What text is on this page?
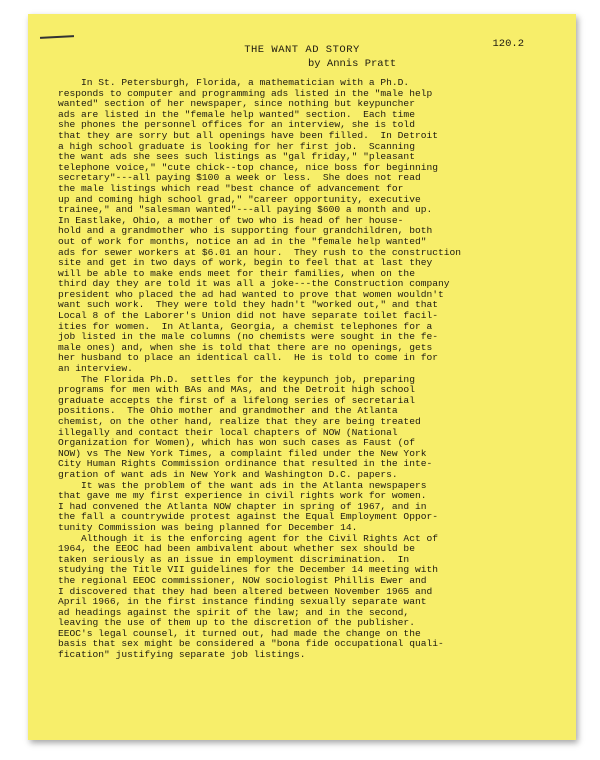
THE WANT AD STORY	120.2
by Annis Pratt
In St. Petersburgh, Florida, a mathematician with a Ph.D.
responds to computer and programming ads listed in the "male help
wanted" section of her newspaper, since nothing but keypuncher
ads are listed in the "female help wanted" section.  Each time
she phones the personnel offices for an interview, she is told
that they are sorry but all openings have been filled.  In Detroit
a high school graduate is looking for her first job.  Scanning
the want ads she sees such listings as "gal friday," "pleasant
telephone voice," "cute chick--top chance, nice boss for beginning
secretary"---all paying $100 a week or less.  She does not read
the male listings which read "best chance of advancement for
up and coming high school grad," "career opportunity, executive
trainee," and "salesman wanted"---all paying $600 a month and up.
In Eastlake, Ohio, a mother of two who is head of her house-
hold and a grandmother who is supporting four grandchildren, both
out of work for months, notice an ad in the "female help wanted"
ads for sewer workers at $6.01 an hour.  They rush to the construction
site and get in two days of work, begin to feel that at last they
will be able to make ends meet for their families, when on the
third day they are told it was all a joke---the Construction company
president who placed the ad had wanted to prove that women wouldn't
want such work.  They were told they hadn't "worked out," and that
Local 8 of the Laborer's Union did not have separate toilet facil-
ities for women.  In Atlanta, Georgia, a chemist telephones for a
job listed in the male columns (no chemists were sought in the fe-
male ones) and, when she is told that there are no openings, gets
her husband to place an identical call.  He is told to come in for
an interview.
The Florida Ph.D.  settles for the keypunch job, preparing
programs for men with BAs and MAs, and the Detroit high school
graduate accepts the first of a lifelong series of secretarial
positions.  The Ohio mother and grandmother and the Atlanta
chemist, on the other hand, realize that they are being treated
illegally and contact their local chapters of NOW (National
Organization for Women), which has won such cases as Faust (of
NOW) vs The New York Times, a complaint filed under the New York
City Human Rights Commission ordinance that resulted in the inte-
gration of want ads in New York and Washington D.C. papers.
It was the problem of the want ads in the Atlanta newspapers
that gave me my first experience in civil rights work for women.
I had convened the Atlanta NOW chapter in spring of 1967, and in
the fall a countrywide protest against the Equal Employment Oppor-
tunity Commission was being planned for December 14.
Although it is the enforcing agent for the Civil Rights Act of
1964, the EEOC had been ambivalent about whether sex should be
taken seriously as an issue in employment discrimination.  In
studying the Title VII guidelines for the December 14 meeting with
the regional EEOC commissioner, NOW sociologist Phillis Ewer and
I discovered that they had been altered between November 1965 and
April 1966, in the first instance finding sexually separate want
ad headings against the spirit of the law; and in the second,
leaving the use of them up to the discretion of the publisher.
EEOC's legal counsel, it turned out, had made the change on the
basis that sex might be considered a "bona fide occupational quali-
fication" justifying separate job listings.
